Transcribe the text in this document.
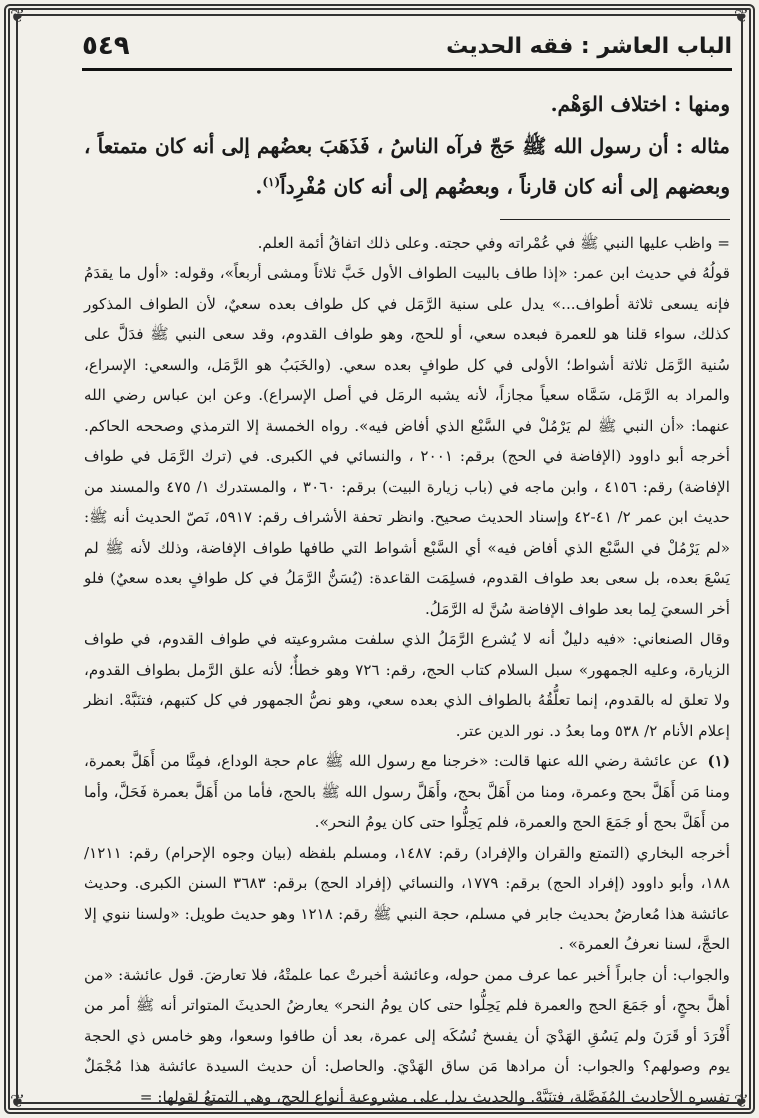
❦	❦
❦	❦
٥٤٩	الباب العاشر : فقه الحديث

ومنها : اختلاف الوَهْم.

مثاله : أن رسول الله ﷺ حَجّ فرآه الناسُ ، فَذَهَبَ بعضُهم إلى أنه كان متمتعاً ، وبعضهم إلى أنه كان قارناً ، وبعضُهم إلى أنه كان مُفْرِداً$^{(١)}$.

= واظب عليها النبي ﷺ في عُمْراته وفي حجته. وعلى ذلك اتفاقُ أئمة العلم.

قولُهُ في حديث ابن عمر: «إذا طاف بالبيت الطواف الأول خَبَّ ثلاثاً ومشى أربعاً»، وقوله: «أول ما يقدَمُ فإنه يسعى ثلاثة أطواف...» يدل على سنية الرَّمَل في كل طواف بعده سعيٌ، لأن الطواف المذكور كذلك، سواء قلنا هو للعمرة فبعده سعي، أو للحج، وهو طواف القدوم، وقد سعى النبي ﷺ فدَلَّ على سُنية الرَّمَل ثلاثة أشواط؛ الأولى في كل طوافٍ بعده سعي. (والخَبَبُ هو الرَّمَل، والسعي: الإسراع، والمراد به الرَّمَل، سَمَّاه سعياً مجازاً، لأنه يشبه الرمَل في أصل الإسراع). وعن ابن عباس رضي الله عنهما: «أن النبي ﷺ لم يَرْمُلْ في السَّبْع الذي أفاض فيه». رواه الخمسة إلا الترمذي وصححه الحاكم. أخرجه أبو داوود (الإفاضة في الحج) برقم: ٢٠٠١ ، والنسائي في الكبرى. في (ترك الرَّمَل في طواف الإفاضة) رقم: ٤١٥٦ ، وابن ماجه في (باب زيارة البيت) برقم: ٣٠٦٠ ، والمستدرك ١/ ٤٧٥ والمسند من حديث ابن عمر ٢/ ٤١-٤٢ وإسناد الحديث صحيح. وانظر تحفة الأشراف رقم: ٥٩١٧، نَصّ الحديث أنه ﷺ: «لم يَرْمُلْ في السَّبْع الذي أفاض فيه» أي السَّبْع أشواط التي طافها طواف الإفاضة، وذلك لأنه ﷺ لم يَسْعَ بعده، بل سعى بعد طواف القدوم، فسلِمَت القاعدة: (يُسَنُّ الرَّمَلُ في كل طوافٍ بعده سعيٌ) فلو أخر السعيَ لِما بعد طواف الإفاضة سُنَّ له الرَّمَلُ.

وقال الصنعاني: «فيه دليلٌ أنه لا يُشرع الرَّمَلُ الذي سلفت مشروعيته في طواف القدوم، في طواف الزيارة، وعليه الجمهور» سبل السلام كتاب الحج، رقم: ٧٢٦ وهو خطأٌ؛ لأنه علق الرَّمل بطواف القدوم، ولا تعلق له بالقدوم، إنما تعلُّقُهُ بالطواف الذي بعده سعي، وهو نصُّ الجمهور في كل كتبهم، فتنَبَّهْ. انظر إعلام الأنام ٢/ ٥٣٨ وما بعدُ د. نور الدين عتر.

(١) عن عائشة رضي الله عنها قالت: «خرجنا مع رسول الله ﷺ عام حجة الوداع، فمِنَّا من أَهَلَّ بعمرة، ومنا مَن أَهَلَّ بحج وعمرة، ومنا من أَهَلَّ بحج، وأَهَلَّ رسول الله ﷺ بالحج، فأما من أَهَلَّ بعمرة فَحَلَّ، وأما من أَهَلَّ بحج أو جَمَعَ الحج والعمرة، فلم يَحِلُّوا حتى كان يومُ النحر».

أخرجه البخاري (التمتع والقران والإفراد) رقم: ١٤٨٧، ومسلم بلفظه (بيان وجوه الإحرام) رقم: ١٢١١/ ١٨٨، وأبو داوود (إفراد الحج) برقم: ١٧٧٩، والنسائي (إفراد الحج) برقم: ٣٦٨٣ السنن الكبرى. وحديث عائشة هذا مُعارضٌ بحديث جابر في مسلم، حجة النبي ﷺ رقم: ١٢١٨ وهو حديث طويل: «ولسنا ننوي إلا الحجَّ، لسنا نعرفُ العمرة» .

والجواب: أن جابراً أخبر عما عرف ممن حوله، وعائشة أخبرتْ عما علمتْهُ، فلا تعارضَ. قول عائشة: «من أهلَّ بحجٍ، أو جَمَعَ الحج والعمرة فلم يَحِلُّوا حتى كان يومُ النحر» يعارضُ الحديثَ المتواتر أنه ﷺ أمر من أَفْرَدَ أو قَرَنَ ولم يَسُقِ الهَدْيَ أن يفسخ نُسُكَه إلى عمرة، بعد أن طافوا وسعوا، وهو خامس ذي الحجة يوم وصولهم؟ والجواب: أن مرادها مَن ساق الهَدْيَ. والحاصل: أن حديث السيدة عائشة هذا مُجْمَلٌ تفسره الأحاديث المُفَصَّلة، فتنَبَّهْ. والحديث يدل على مشروعية أنواع الحج، وهي التمتعُ لقولها: =
